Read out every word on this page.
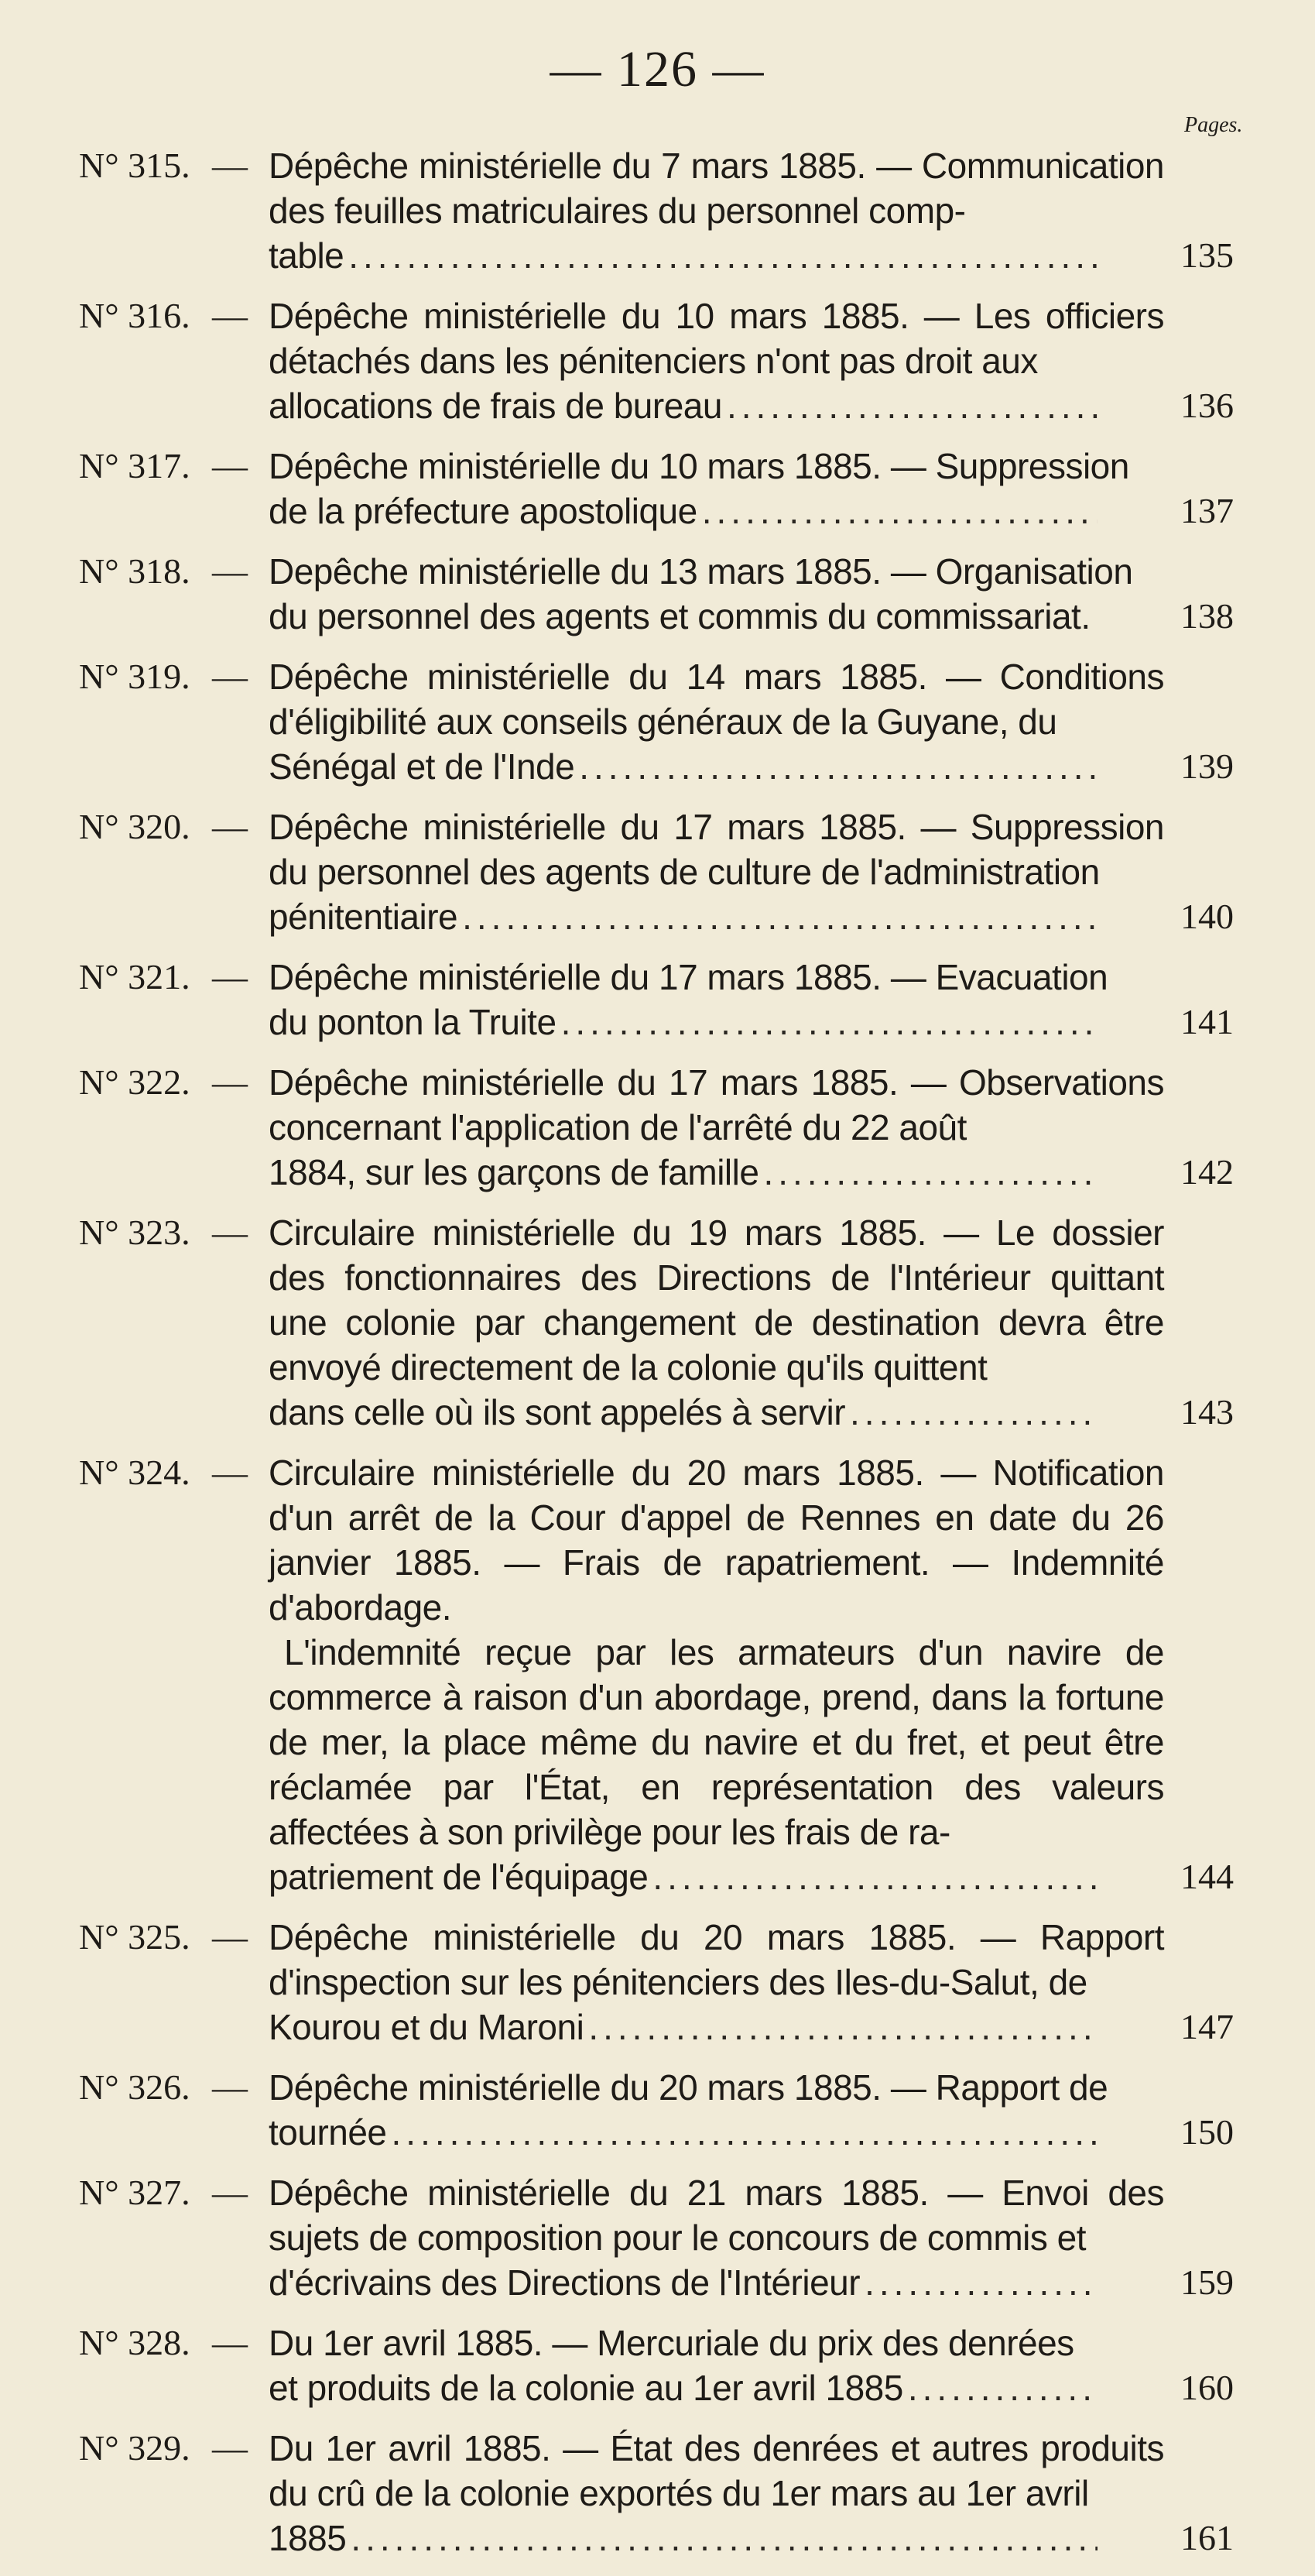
— 126 —
Pages.
N° 315. — Dépêche ministérielle du 7 mars 1885. — Communication des feuilles matriculaires du personnel comp-
table .....	135
N° 316. — Dépêche ministérielle du 10 mars 1885. — Les officiers détachés dans les pénitenciers n'ont pas droit aux
allocations de frais de bureau .....	136
N° 317. — Dépêche ministérielle du 10 mars 1885. — Suppression
de la préfecture apostolique .....	137
N° 318. — Depêche ministérielle du 13 mars 1885. — Organisation
du personnel des agents et commis du commissariat. .....	138
N° 319. — Dépêche ministérielle du 14 mars 1885. — Conditions d'éligibilité aux conseils généraux de la Guyane, du
Sénégal et de l'Inde .....	139
N° 320. — Dépêche ministérielle du 17 mars 1885. — Suppression du personnel des agents de culture de l'administration
pénitentiaire .....	140
N° 321. — Dépêche ministérielle du 17 mars 1885. — Evacuation
du ponton la Truite .....	141
N° 322. — Dépêche ministérielle du 17 mars 1885. — Observations concernant l'application de l'arrêté du 22 août
1884, sur les garçons de famille .....	142
N° 323. — Circulaire ministérielle du 19 mars 1885. — Le dossier des fonctionnaires des Directions de l'Intérieur quittant une colonie par changement de destination devra être envoyé directement de la colonie qu'ils quittent
dans celle où ils sont appelés à servir .....	143
N° 324. — Circulaire ministérielle du 20 mars 1885. — Notification d'un arrêt de la Cour d'appel de Rennes en date du 26 janvier 1885. — Frais de rapatriement. — Indemnité d'abordage.
L'indemnité reçue par les armateurs d'un navire de commerce à raison d'un abordage, prend, dans la fortune de mer, la place même du navire et du fret, et peut être réclamée par l'État, en représentation des valeurs affectées à son privilège pour les frais de ra-
patriement de l'équipage .....	144
N° 325. — Dépêche ministérielle du 20 mars 1885. — Rapport d'inspection sur les pénitenciers des Iles-du-Salut, de
Kourou et du Maroni .....	147
N° 326. — Dépêche ministérielle du 20 mars 1885. — Rapport de
tournée .....	150
N° 327. — Dépêche ministérielle du 21 mars 1885. — Envoi des sujets de composition pour le concours de commis et
d'écrivains des Directions de l'Intérieur .....	159
N° 328. — Du 1er avril 1885. — Mercuriale du prix des denrées
et produits de la colonie au 1er avril 1885 .....	160
N° 329. — Du 1er avril 1885. — État des denrées et autres produits du crû de la colonie exportés du 1er mars au 1er avril
1885 .....	161
